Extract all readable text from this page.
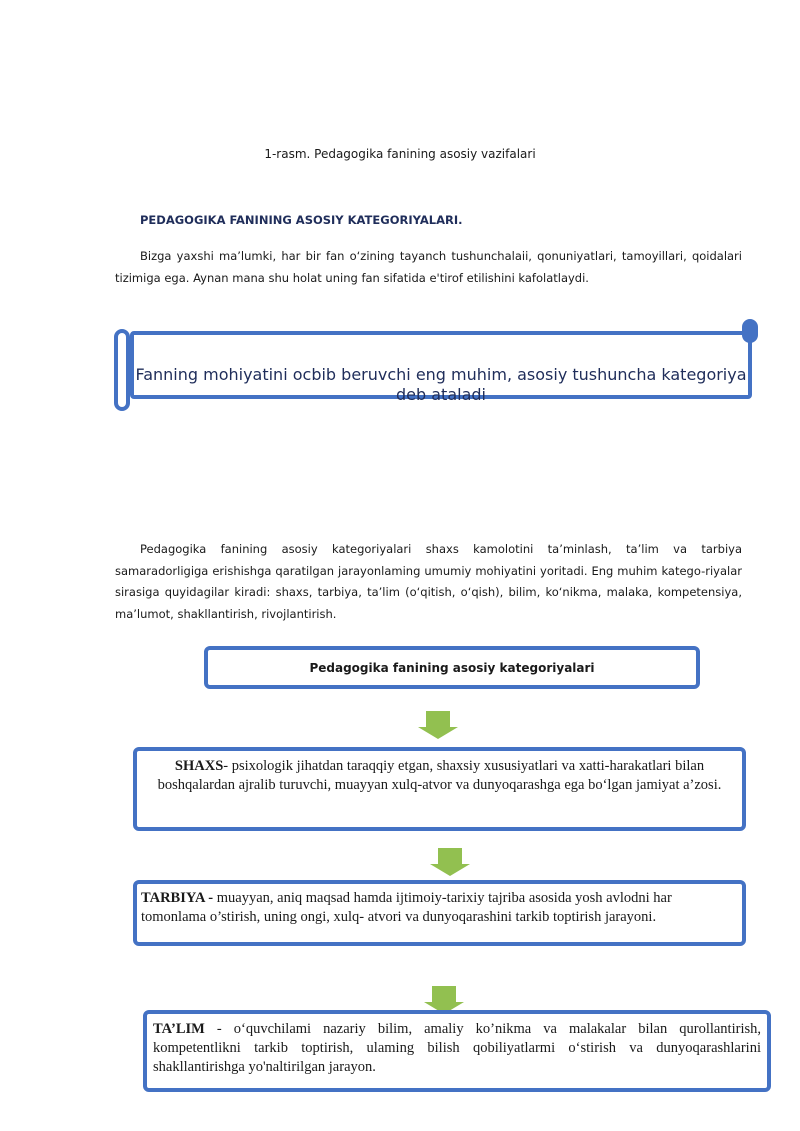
1-rasm. Pedagogika fanining asosiy vazifalari
PEDAGOGIKA FANINING ASOSIY KATEGORIYALARI.
Bizga yaxshi ma’lumki, har bir fan o‘zining tayanch tushunchalaii, qonuniyatlari, tamoyillari, qoidalari tizimiga ega. Aynan mana shu holat uning fan sifatida e'tirof etilishini kafolatlaydi.
Fanning mohiyatini ocbib beruvchi eng muhim, asosiy tushuncha kategoriya deb ataladi
Pedagogika fanining asosiy kategoriyalari shaxs kamolotini ta’minlash, ta’lim va tarbiya samaradorligiga erishishga qaratilgan jarayonlaming umumiy mohiyatini yoritadi. Eng muhim katego-riyalar sirasiga quyidagilar kiradi: shaxs, tarbiya, ta’lim (o‘qitish, o‘qish), bilim, ko‘nikma, malaka, kompetensiya, ma’lumot, shakllantirish, rivojlantirish.
Pedagogika fanining asosiy kategoriyalari
SHAXS- psixologik jihatdan taraqqiy etgan, shaxsiy xususiyatlari va xatti-harakatlari bilan boshqalardan ajralib turuvchi, muayyan xulq-atvor va dunyoqarashga ega bo‘lgan jamiyat a’zosi.
TARBIYA - muayyan, aniq maqsad hamda ijtimoiy-tarixiy tajriba asosida yosh avlodni har tomonlama o’stirish, uning ongi, xulq- atvori va dunyoqarashini tarkib toptirish jarayoni.
TA’LIM - o‘quvchilami nazariy bilim, amaliy ko’nikma va malakalar bilan qurollantirish, kompetentlikni tarkib toptirish, ulaming bilish qobiliyatlarmi o‘stirish va dunyoqarashlarini shakllantirishga yo'naltirilgan jarayon.
